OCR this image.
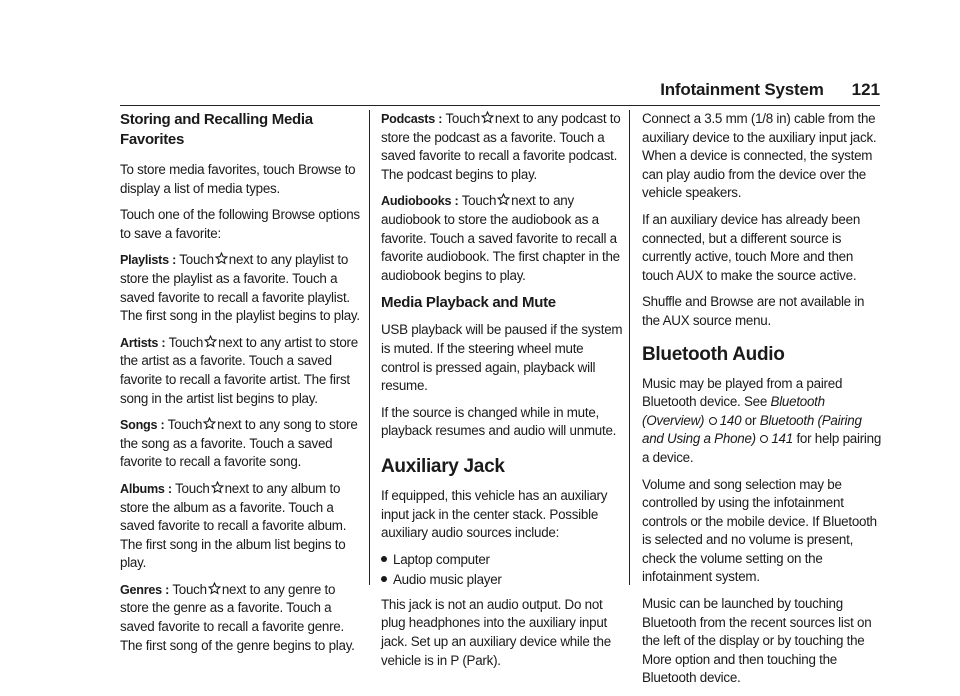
Infotainment System 121
Storing and Recalling Media Favorites

To store media favorites, touch Browse to display a list of media types.

Touch one of the following Browse options to save a favorite:

Playlists : Touch next to any playlist to store the playlist as a favorite. Touch a saved favorite to recall a favorite playlist. The first song in the playlist begins to play.

Artists : Touch next to any artist to store the artist as a favorite. Touch a saved favorite to recall a favorite artist. The first song in the artist list begins to play.

Songs : Touch next to any song to store the song as a favorite. Touch a saved favorite to recall a favorite song.

Albums : Touch next to any album to store the album as a favorite. Touch a saved favorite to recall a favorite album. The first song in the album list begins to play.

Genres : Touch next to any genre to store the genre as a favorite. Touch a saved favorite to recall a favorite genre. The first song of the genre begins to play.

Podcasts : Touch next to any podcast to store the podcast as a favorite. Touch a saved favorite to recall a favorite podcast. The podcast begins to play.

Audiobooks : Touch next to any audiobook to store the audiobook as a favorite. Touch a saved favorite to recall a favorite audiobook. The first chapter in the audiobook begins to play.

Media Playback and Mute

USB playback will be paused if the system is muted. If the steering wheel mute control is pressed again, playback will resume.

If the source is changed while in mute, playback resumes and audio will unmute.

Auxiliary Jack

If equipped, this vehicle has an auxiliary input jack in the center stack. Possible auxiliary audio sources include:

Laptop computer
Audio music player

This jack is not an audio output. Do not plug headphones into the auxiliary input jack. Set up an auxiliary device while the vehicle is in P (Park).

Connect a 3.5 mm (1/8 in) cable from the auxiliary device to the auxiliary input jack. When a device is connected, the system can play audio from the device over the vehicle speakers.

If an auxiliary device has already been connected, but a different source is currently active, touch More and then touch AUX to make the source active.

Shuffle and Browse are not available in the AUX source menu.

Bluetooth Audio

Music may be played from a paired Bluetooth device. See Bluetooth (Overview) 140 or Bluetooth (Pairing and Using a Phone) 141 for help pairing a device.

Volume and song selection may be controlled by using the infotainment controls or the mobile device. If Bluetooth is selected and no volume is present, check the volume setting on the infotainment system.

Music can be launched by touching Bluetooth from the recent sources list on the left of the display or by touching the More option and then touching the Bluetooth device.
